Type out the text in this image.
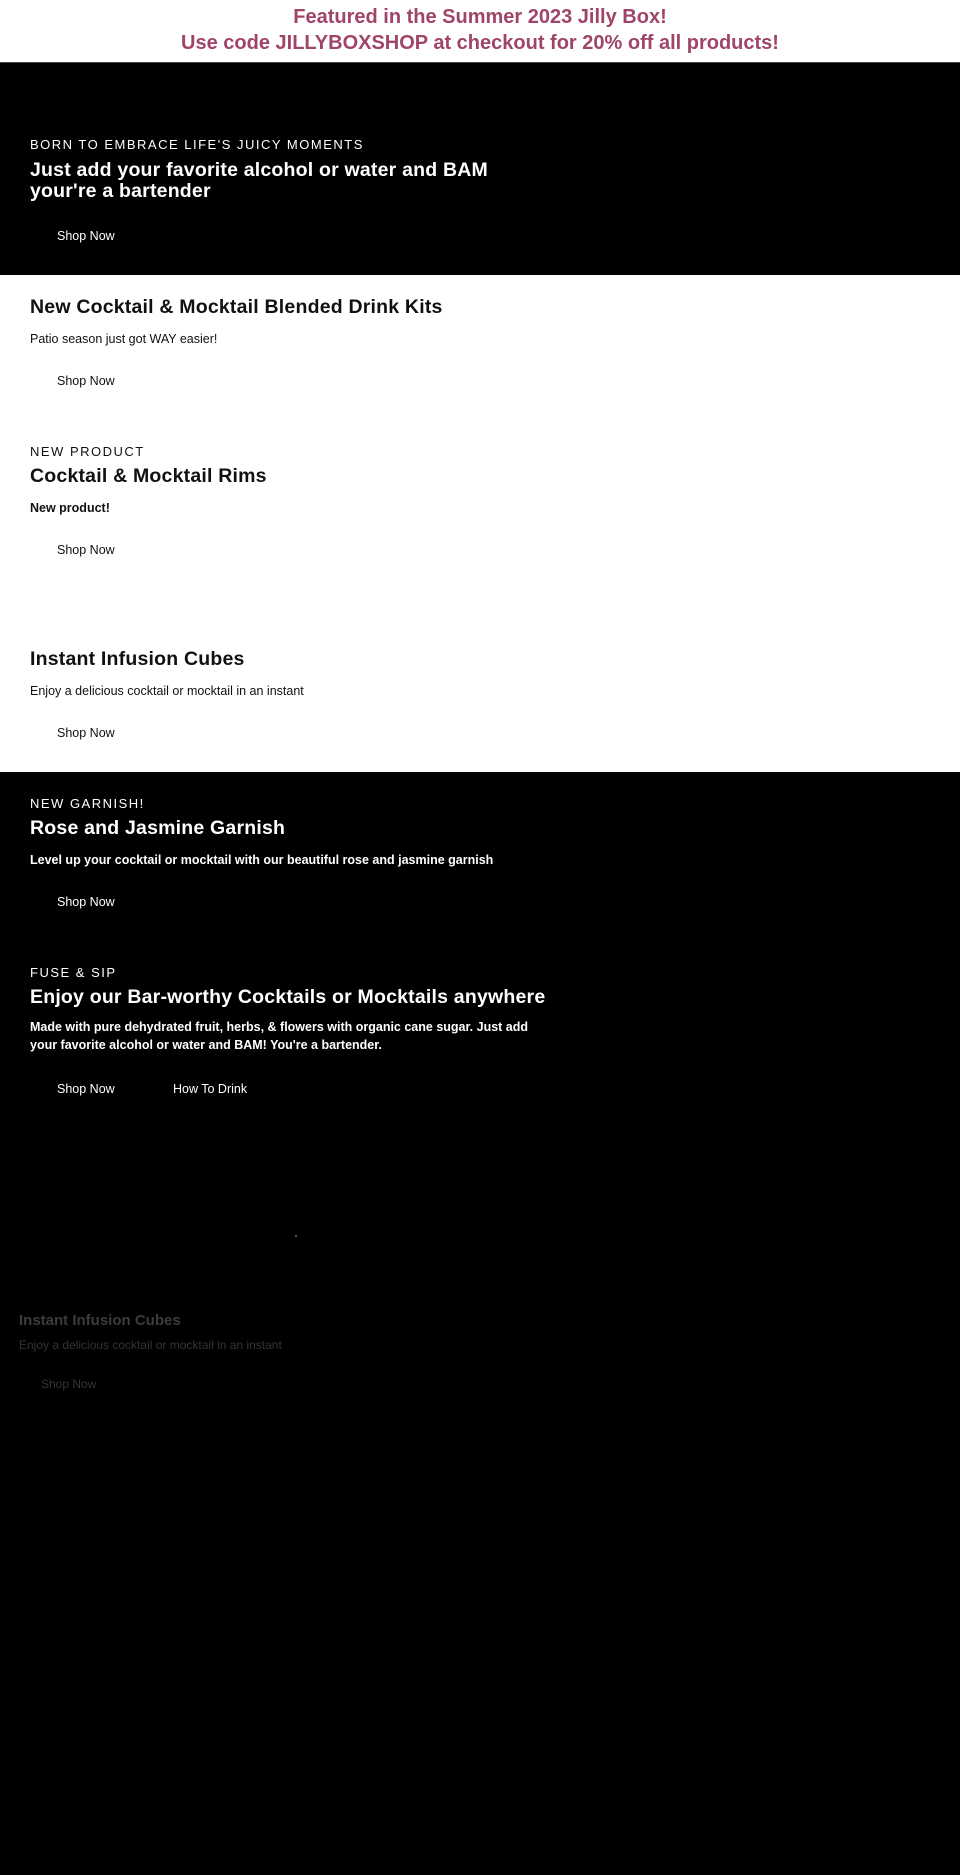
Featured in the Summer 2023 Jilly Box!

Use code JILLYBOXSHOP at checkout for 20% off all products!

BORN TO EMBRACE LIFE'S JUICY MOMENTS
Just add your favorite alcohol or water and BAM your're a bartender
Shop Now
New Cocktail & Mocktail Blended Drink Kits
Patio season just got WAY easier!
Shop Now
NEW PRODUCT
Cocktail & Mocktail Rims
New product!
Shop Now
Instant Infusion Cubes
Enjoy a delicious cocktail or mocktail in an instant
Shop Now
NEW GARNISH!
Rose and Jasmine Garnish
Level up your cocktail or mocktail with our beautiful rose and jasmine garnish
Shop Now
FUSE & SIP
Enjoy our Bar-worthy Cocktails or Mocktails anywhere
Made with pure dehydrated fruit, herbs, & flowers with organic cane sugar. Just add your favorite alcohol or water and BAM! You're a bartender.
Shop Now	How To Drink
Instant Infusion Cubes
Enjoy a delicious cocktail or mocktail in an instant
Shop Now
